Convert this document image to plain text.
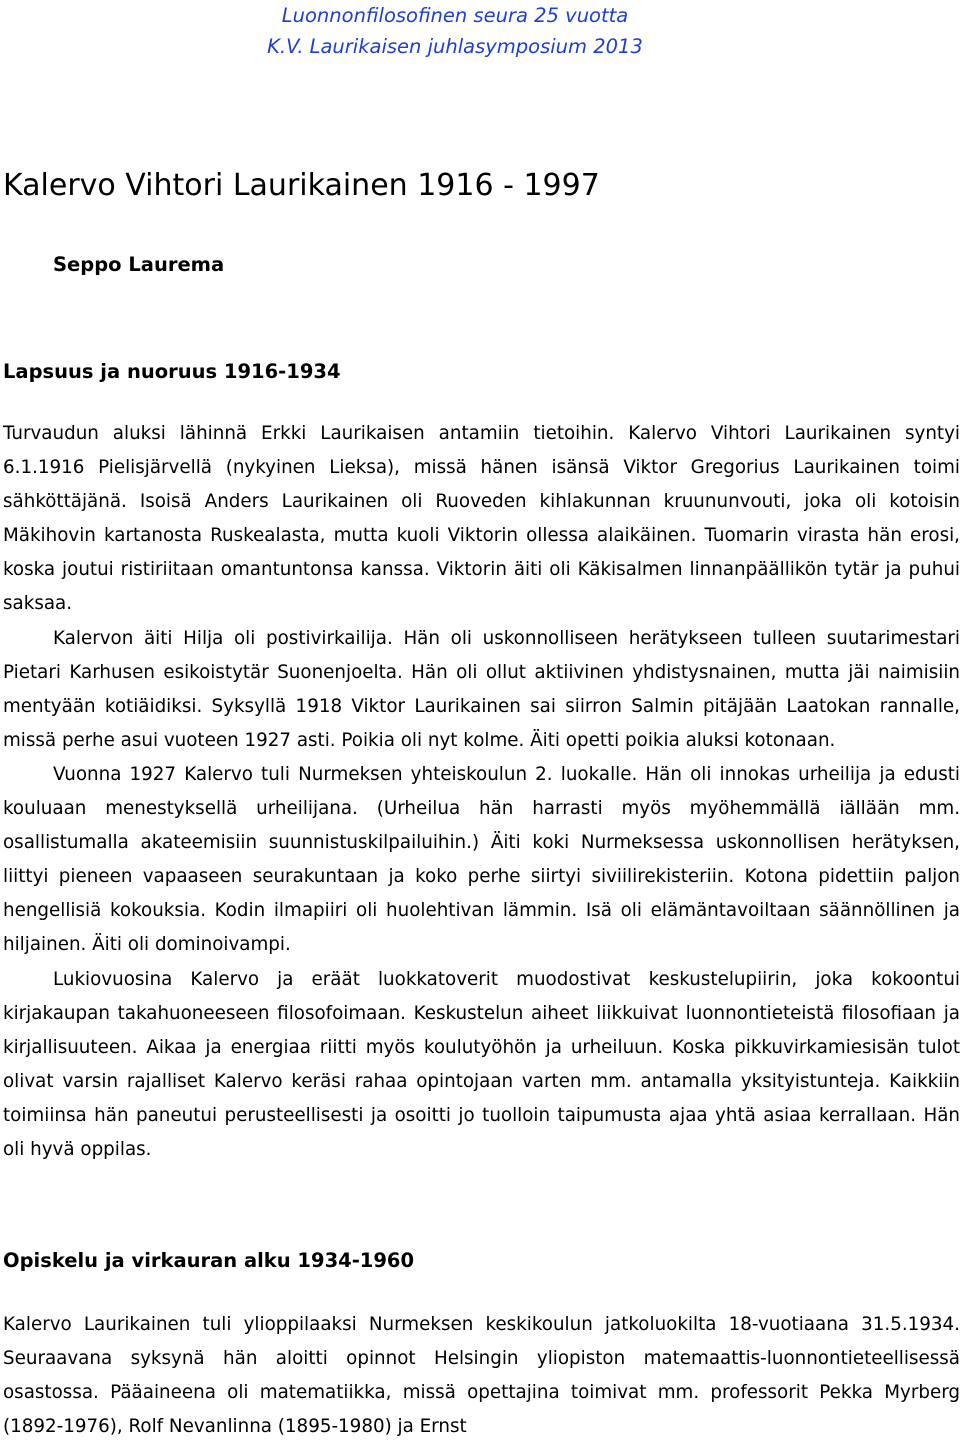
Luonnonfilosofinen seura 25 vuotta
K.V. Laurikaisen juhlasymposium 2013
Kalervo Vihtori Laurikainen 1916 - 1997
Seppo Laurema
Lapsuus ja nuoruus 1916-1934

Turvaudun aluksi lähinnä Erkki Laurikaisen antamiin tietoihin. Kalervo Vihtori Laurikainen syntyi 6.1.1916 Pielisjärvellä (nykyinen Lieksa), missä hänen isänsä Viktor Gregorius Laurikainen toimi sähköttäjänä. Isoisä Anders Laurikainen oli Ruoveden kihlakunnan kruununvouti, joka oli kotoisin Mäkihovin kartanosta Ruskealasta, mutta kuoli Viktorin ollessa alaikäinen. Tuomarin virasta hän erosi, koska joutui ristiriitaan omantuntonsa kanssa. Viktorin äiti oli Käkisalmen linnanpäällikön tytär ja puhui saksaa.

Kalervon äiti Hilja oli postivirkailija. Hän oli uskonnolliseen herätykseen tulleen suutarimestari Pietari Karhusen esikoistytär Suonenjoelta. Hän oli ollut aktiivinen yhdistysnainen, mutta jäi naimisiin mentyään kotiäidiksi. Syksyllä 1918 Viktor Laurikainen sai siirron Salmin pitäjään Laatokan rannalle, missä perhe asui vuoteen 1927 asti. Poikia oli nyt kolme. Äiti opetti poikia aluksi kotonaan.

Vuonna 1927 Kalervo tuli Nurmeksen yhteiskoulun 2. luokalle. Hän oli innokas urheilija ja edusti kouluaan menestyksellä urheilijana. (Urheilua hän harrasti myös myöhemmällä iällään mm. osallistumalla akateemisiin suunnistuskilpailuihin.) Äiti koki Nurmeksessa uskonnollisen herätyksen, liittyi pieneen vapaaseen seurakuntaan ja koko perhe siirtyi siviilirekisteriin. Kotona pidettiin paljon hengellisiä kokouksia. Kodin ilmapiiri oli huolehtivan lämmin. Isä oli elämäntavoiltaan säännöllinen ja hiljainen. Äiti oli dominoivampi.

Lukiovuosina Kalervo ja eräät luokkatoverit muodostivat keskustelupiirin, joka kokoontui kirjakaupan takahuoneeseen filosofoimaan. Keskustelun aiheet liikkuivat luonnontieteistä filosofiaan ja kirjallisuuteen. Aikaa ja energiaa riitti myös koulutyöhön ja urheiluun. Koska pikkuvirkamiesisän tulot olivat varsin rajalliset Kalervo keräsi rahaa opintojaan varten mm. antamalla yksityistunteja. Kaikkiin toimiinsa hän paneutui perusteellisesti ja osoitti jo tuolloin taipumusta ajaa yhtä asiaa kerrallaan. Hän oli hyvä oppilas.

Opiskelu ja virkauran alku 1934-1960

Kalervo Laurikainen tuli ylioppilaaksi Nurmeksen keskikoulun jatkoluokilta 18-vuotiaana 31.5.1934. Seuraavana syksynä hän aloitti opinnot Helsingin yliopiston matemaattis-luonnontieteellisessä osastossa. Pääaineena oli matematiikka, missä opettajina toimivat mm. professorit Pekka Myrberg (1892-1976), Rolf Nevanlinna (1895-1980) ja Ernst
